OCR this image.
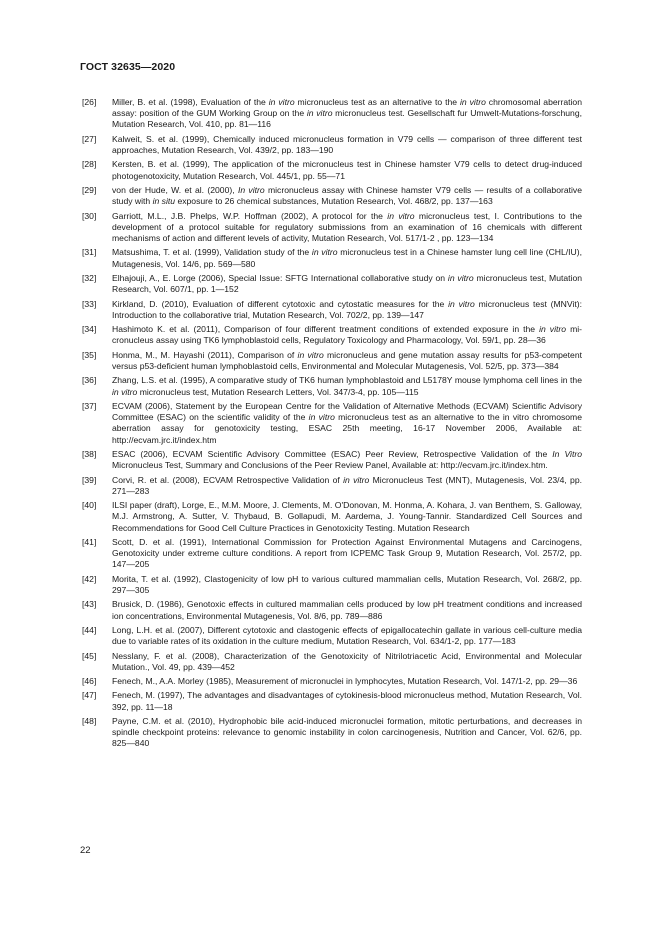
ГОСТ 32635—2020
[26]	Miller, B. et al. (1998), Evaluation of the in vitro micronucleus test as an alternative to the in vitro chromosomal aberration assay: position of the GUM Working Group on the in vitro micronucleus test. Gesellschaft fur Umwelt-Mutations-forschung, Mutation Research, Vol. 410, pp. 81—116
[27]	Kalweit, S. et al. (1999), Chemically induced micronucleus formation in V79 cells — comparison of three different test approaches, Mutation Research, Vol. 439/2, pp. 183—190
[28]	Kersten, B. et al. (1999), The application of the micronucleus test in Chinese hamster V79 cells to detect drug-induced photogenotoxicity, Mutation Research, Vol. 445/1, pp. 55—71
[29]	von der Hude, W. et al. (2000), In vitro micronucleus assay with Chinese hamster V79 cells — results of a collaborative study with in situ exposure to 26 chemical substances, Mutation Research, Vol. 468/2, pp. 137—163
[30]	Garriott, M.L., J.B. Phelps, W.P. Hoffman (2002), A protocol for the in vitro micronucleus test, I. Contributions to the development of a protocol suitable for regulatory submissions from an examination of 16 chemicals with different mechanisms of action and different levels of activity, Mutation Research, Vol. 517/1-2 , pp. 123—134
[31]	Matsushima, T. et al. (1999), Validation study of the in vitro micronucleus test in a Chinese hamster lung cell line (CHL/IU), Mutagenesis, Vol. 14/6, pp. 569—580
[32]	Elhajouji, A., E. Lorge (2006), Special Issue: SFTG International collaborative study on in vitro micronucleus test, Mutation Research, Vol. 607/1, pp. 1—152
[33]	Kirkland, D. (2010), Evaluation of different cytotoxic and cytostatic measures for the in vitro micronucleus test (MNVit): Introduction to the collaborative trial, Mutation Research, Vol. 702/2, pp. 139—147
[34]	Hashimoto K. et al. (2011), Comparison of four different treatment conditions of extended exposure in the in vitro mi-cronucleus assay using TK6 lymphoblastoid cells, Regulatory Toxicology and Pharmacology, Vol. 59/1, pp. 28—36
[35]	Honma, M., M. Hayashi (2011), Comparison of in vitro micronucleus and gene mutation assay results for p53-competent versus p53-deficient human lymphoblastoid cells, Environmental and Molecular Mutagenesis, Vol. 52/5, pp. 373—384
[36]	Zhang, L.S. et al. (1995), A comparative study of TK6 human lymphoblastoid and L5178Y mouse lymphoma cell lines in the in vitro micronucleus test, Mutation Research Letters, Vol. 347/3-4, pp. 105—115
[37]	ECVAM (2006), Statement by the European Centre for the Validation of Alternative Methods (ECVAM) Scientific Advisory Committee (ESAC) on the scientific validity of the in vitro micronucleus test as an alternative to the in vitro chromosome aberration assay for genotoxicity testing, ESAC 25th meeting, 16-17 November 2006, Available at: http://ecvam.jrc.it/index.htm
[38]	ESAC (2006), ECVAM Scientific Advisory Committee (ESAC) Peer Review, Retrospective Validation of the In Vitro Micronucleus Test, Summary and Conclusions of the Peer Review Panel, Available at: http://ecvam.jrc.it/index.htm.
[39]	Corvi, R. et al. (2008), ECVAM Retrospective Validation of in vitro Micronucleus Test (MNT), Mutagenesis, Vol. 23/4, pp. 271—283
[40]	ILSI paper (draft), Lorge, E., M.M. Moore, J. Clements, M. O'Donovan, M. Honma, A. Kohara, J. van Benthem, S. Galloway, M.J. Armstrong, A. Sutter, V. Thybaud, B. Gollapudi, M. Aardema, J. Young-Tannir. Standardized Cell Sources and Recommendations for Good Cell Culture Practices in Genotoxicity Testing. Mutation Research
[41]	Scott, D. et al. (1991), International Commission for Protection Against Environmental Mutagens and Carcinogens, Genotoxicity under extreme culture conditions. A report from ICPEMC Task Group 9, Mutation Research, Vol. 257/2, pp. 147—205
[42]	Morita, T. et al. (1992), Clastogenicity of low pH to various cultured mammalian cells, Mutation Research, Vol. 268/2, pp. 297—305
[43]	Brusick, D. (1986), Genotoxic effects in cultured mammalian cells produced by low pH treatment conditions and increased ion concentrations, Environmental Mutagenesis, Vol. 8/6, pp. 789—886
[44]	Long, L.H. et al. (2007), Different cytotoxic and clastogenic effects of epigallocatechin gallate in various cell-culture media due to variable rates of its oxidation in the culture medium, Mutation Research, Vol. 634/1-2, pp. 177—183
[45]	Nesslany, F. et al. (2008), Characterization of the Genotoxicity of Nitrilotriacetic Acid, Environmental and Molecular Mutation., Vol. 49, pp. 439—452
[46]	Fenech, M., A.A. Morley (1985), Measurement of micronuclei in lymphocytes, Mutation Research, Vol. 147/1-2, pp. 29—36
[47]	Fenech, M. (1997), The advantages and disadvantages of cytokinesis-blood micronucleus method, Mutation Research, Vol. 392, pp. 11—18
[48]	Payne, C.M. et al. (2010), Hydrophobic bile acid-induced micronuclei formation, mitotic perturbations, and decreases in spindle checkpoint proteins: relevance to genomic instability in colon carcinogenesis, Nutrition and Cancer, Vol. 62/6, pp. 825—840
22
